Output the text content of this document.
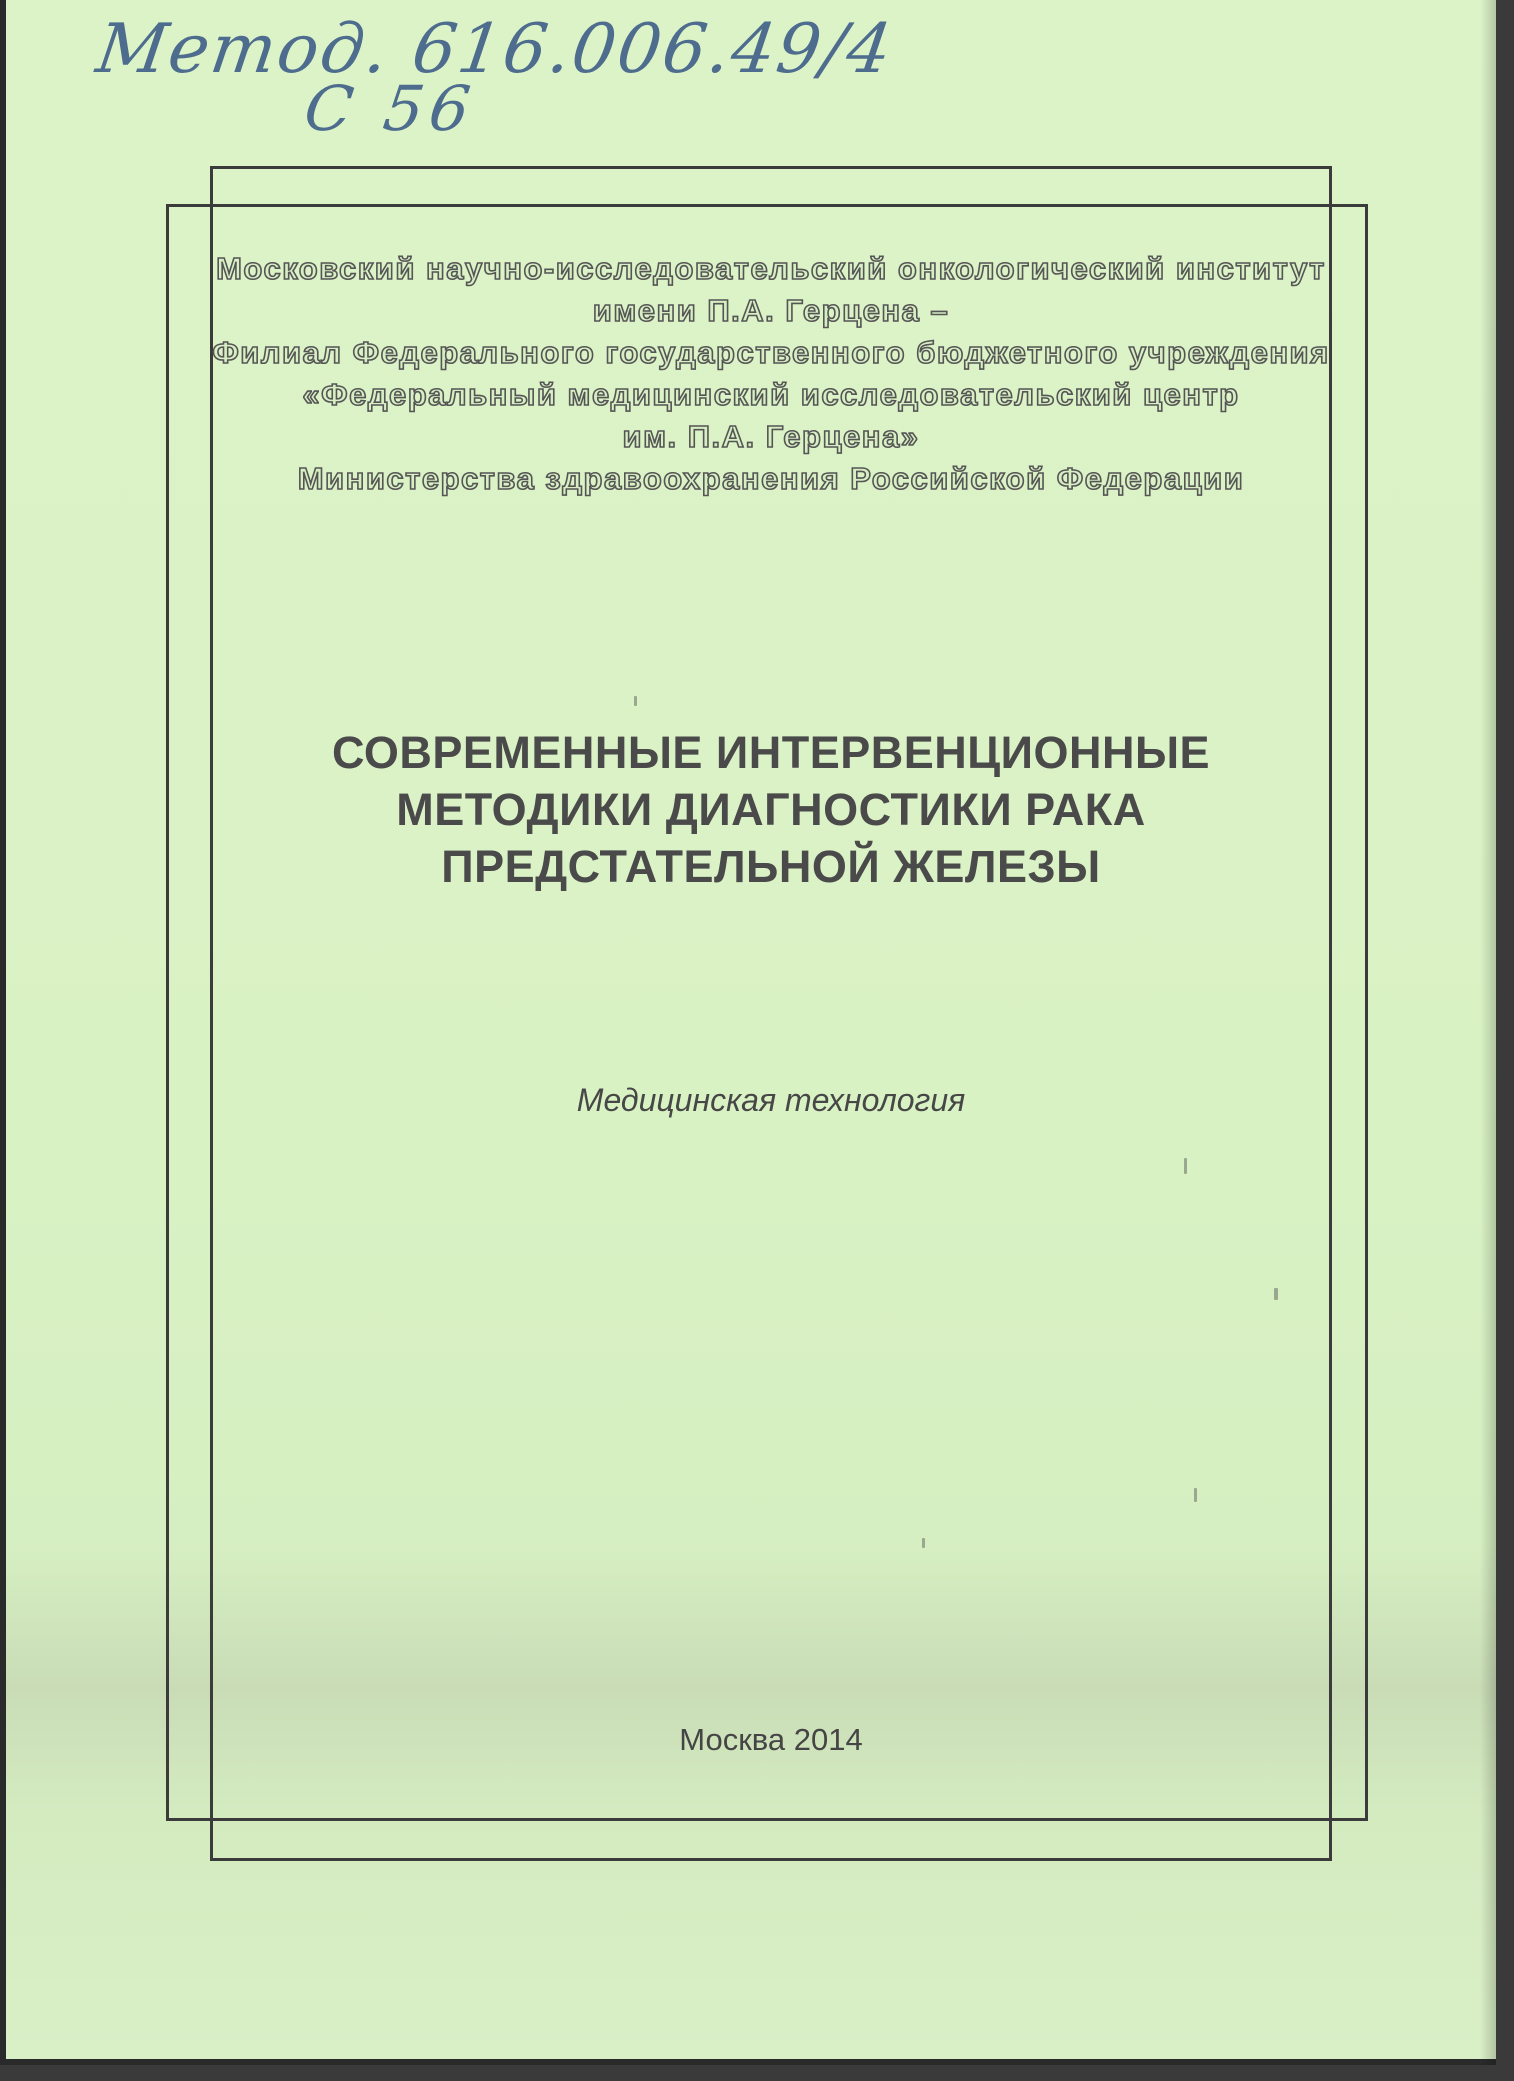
Метод. 616.006.49/4
С 56
Московский научно-исследовательский онкологический институт
имени П.А. Герцена –
Филиал Федерального государственного бюджетного учреждения
«Федеральный медицинский исследовательский центр
им. П.А. Герцена»
Министерства здравоохранения Российской Федерации
СОВРЕМЕННЫЕ ИНТЕРВЕНЦИОННЫЕ
МЕТОДИКИ ДИАГНОСТИКИ РАКА
ПРЕДСТАТЕЛЬНОЙ ЖЕЛЕЗЫ
Медицинская технология
Москва 2014
